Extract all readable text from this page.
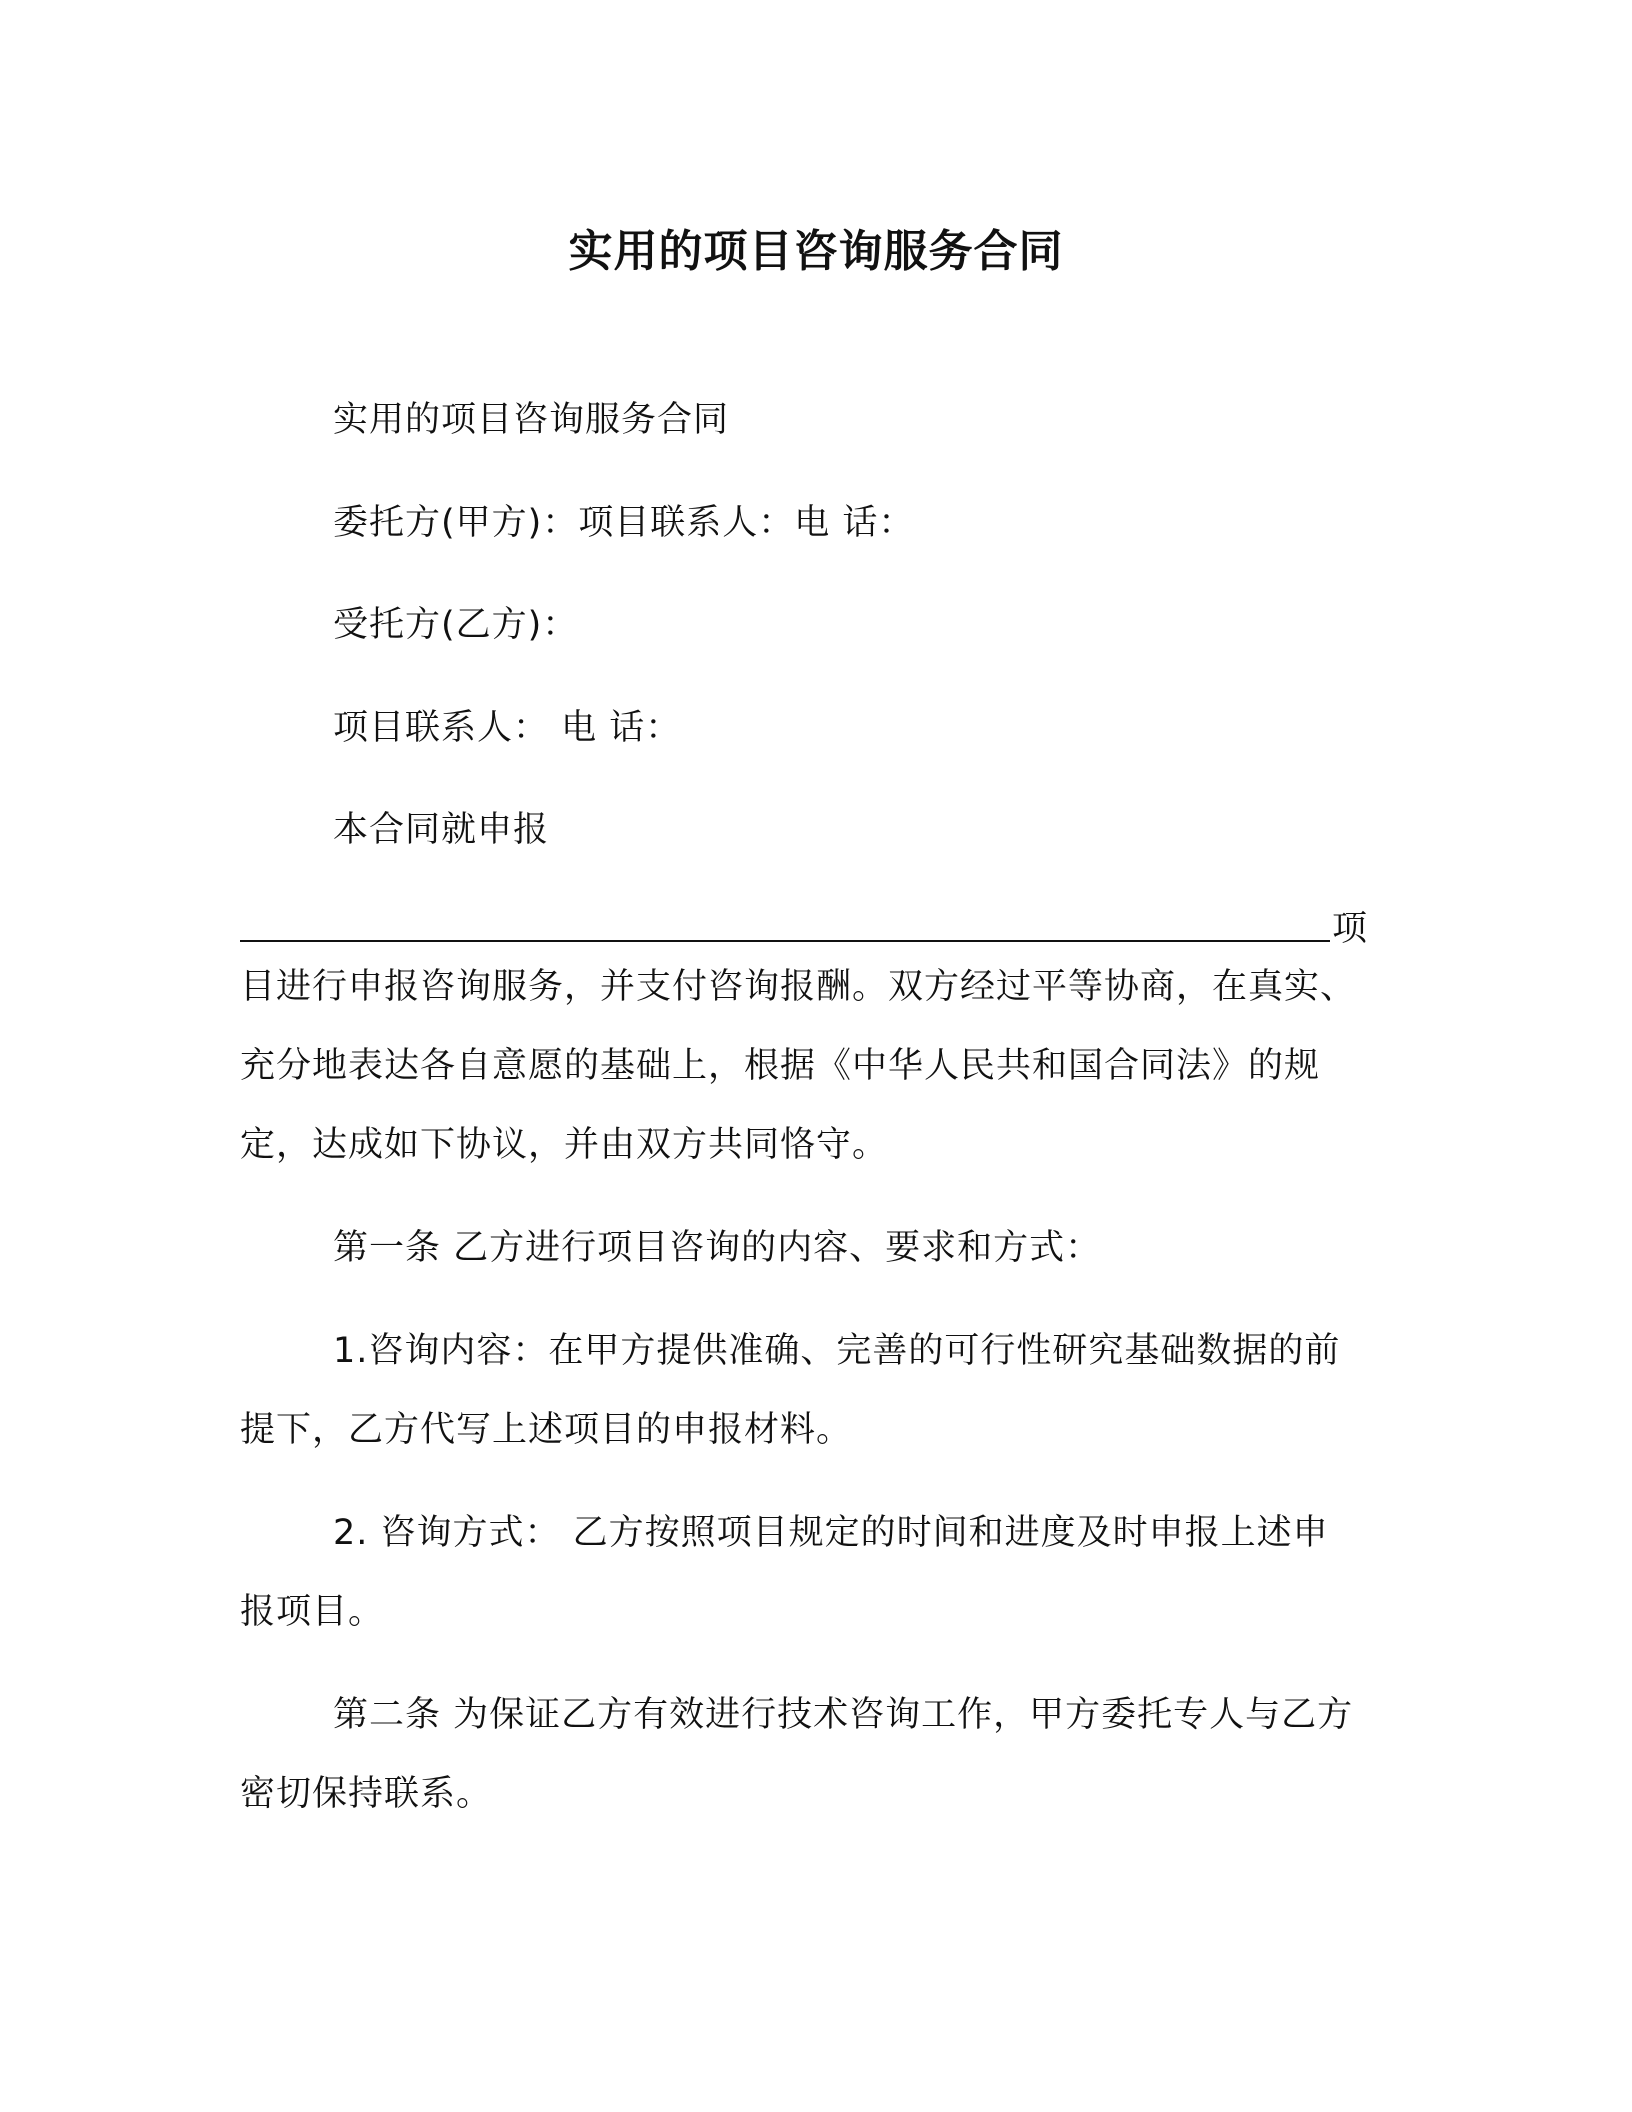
实用的项目咨询服务合同
实用的项目咨询服务合同
委托方(甲方)：项目联系人：电 话：
受托方(乙方)：
项目联系人： 电 话：
本合同就申报
项
目进行申报咨询服务，并支付咨询报酬。双方经过平等协商，在真实、
充分地表达各自意愿的基础上，根据《中华人民共和国合同法》的规
定，达成如下协议，并由双方共同恪守。
第一条 乙方进行项目咨询的内容、要求和方式：
1.咨询内容：在甲方提供准确、完善的可行性研究基础数据的前
提下，乙方代写上述项目的申报材料。
2. 咨询方式： 乙方按照项目规定的时间和进度及时申报上述申
报项目。
第二条 为保证乙方有效进行技术咨询工作，甲方委托专人与乙方
密切保持联系。
